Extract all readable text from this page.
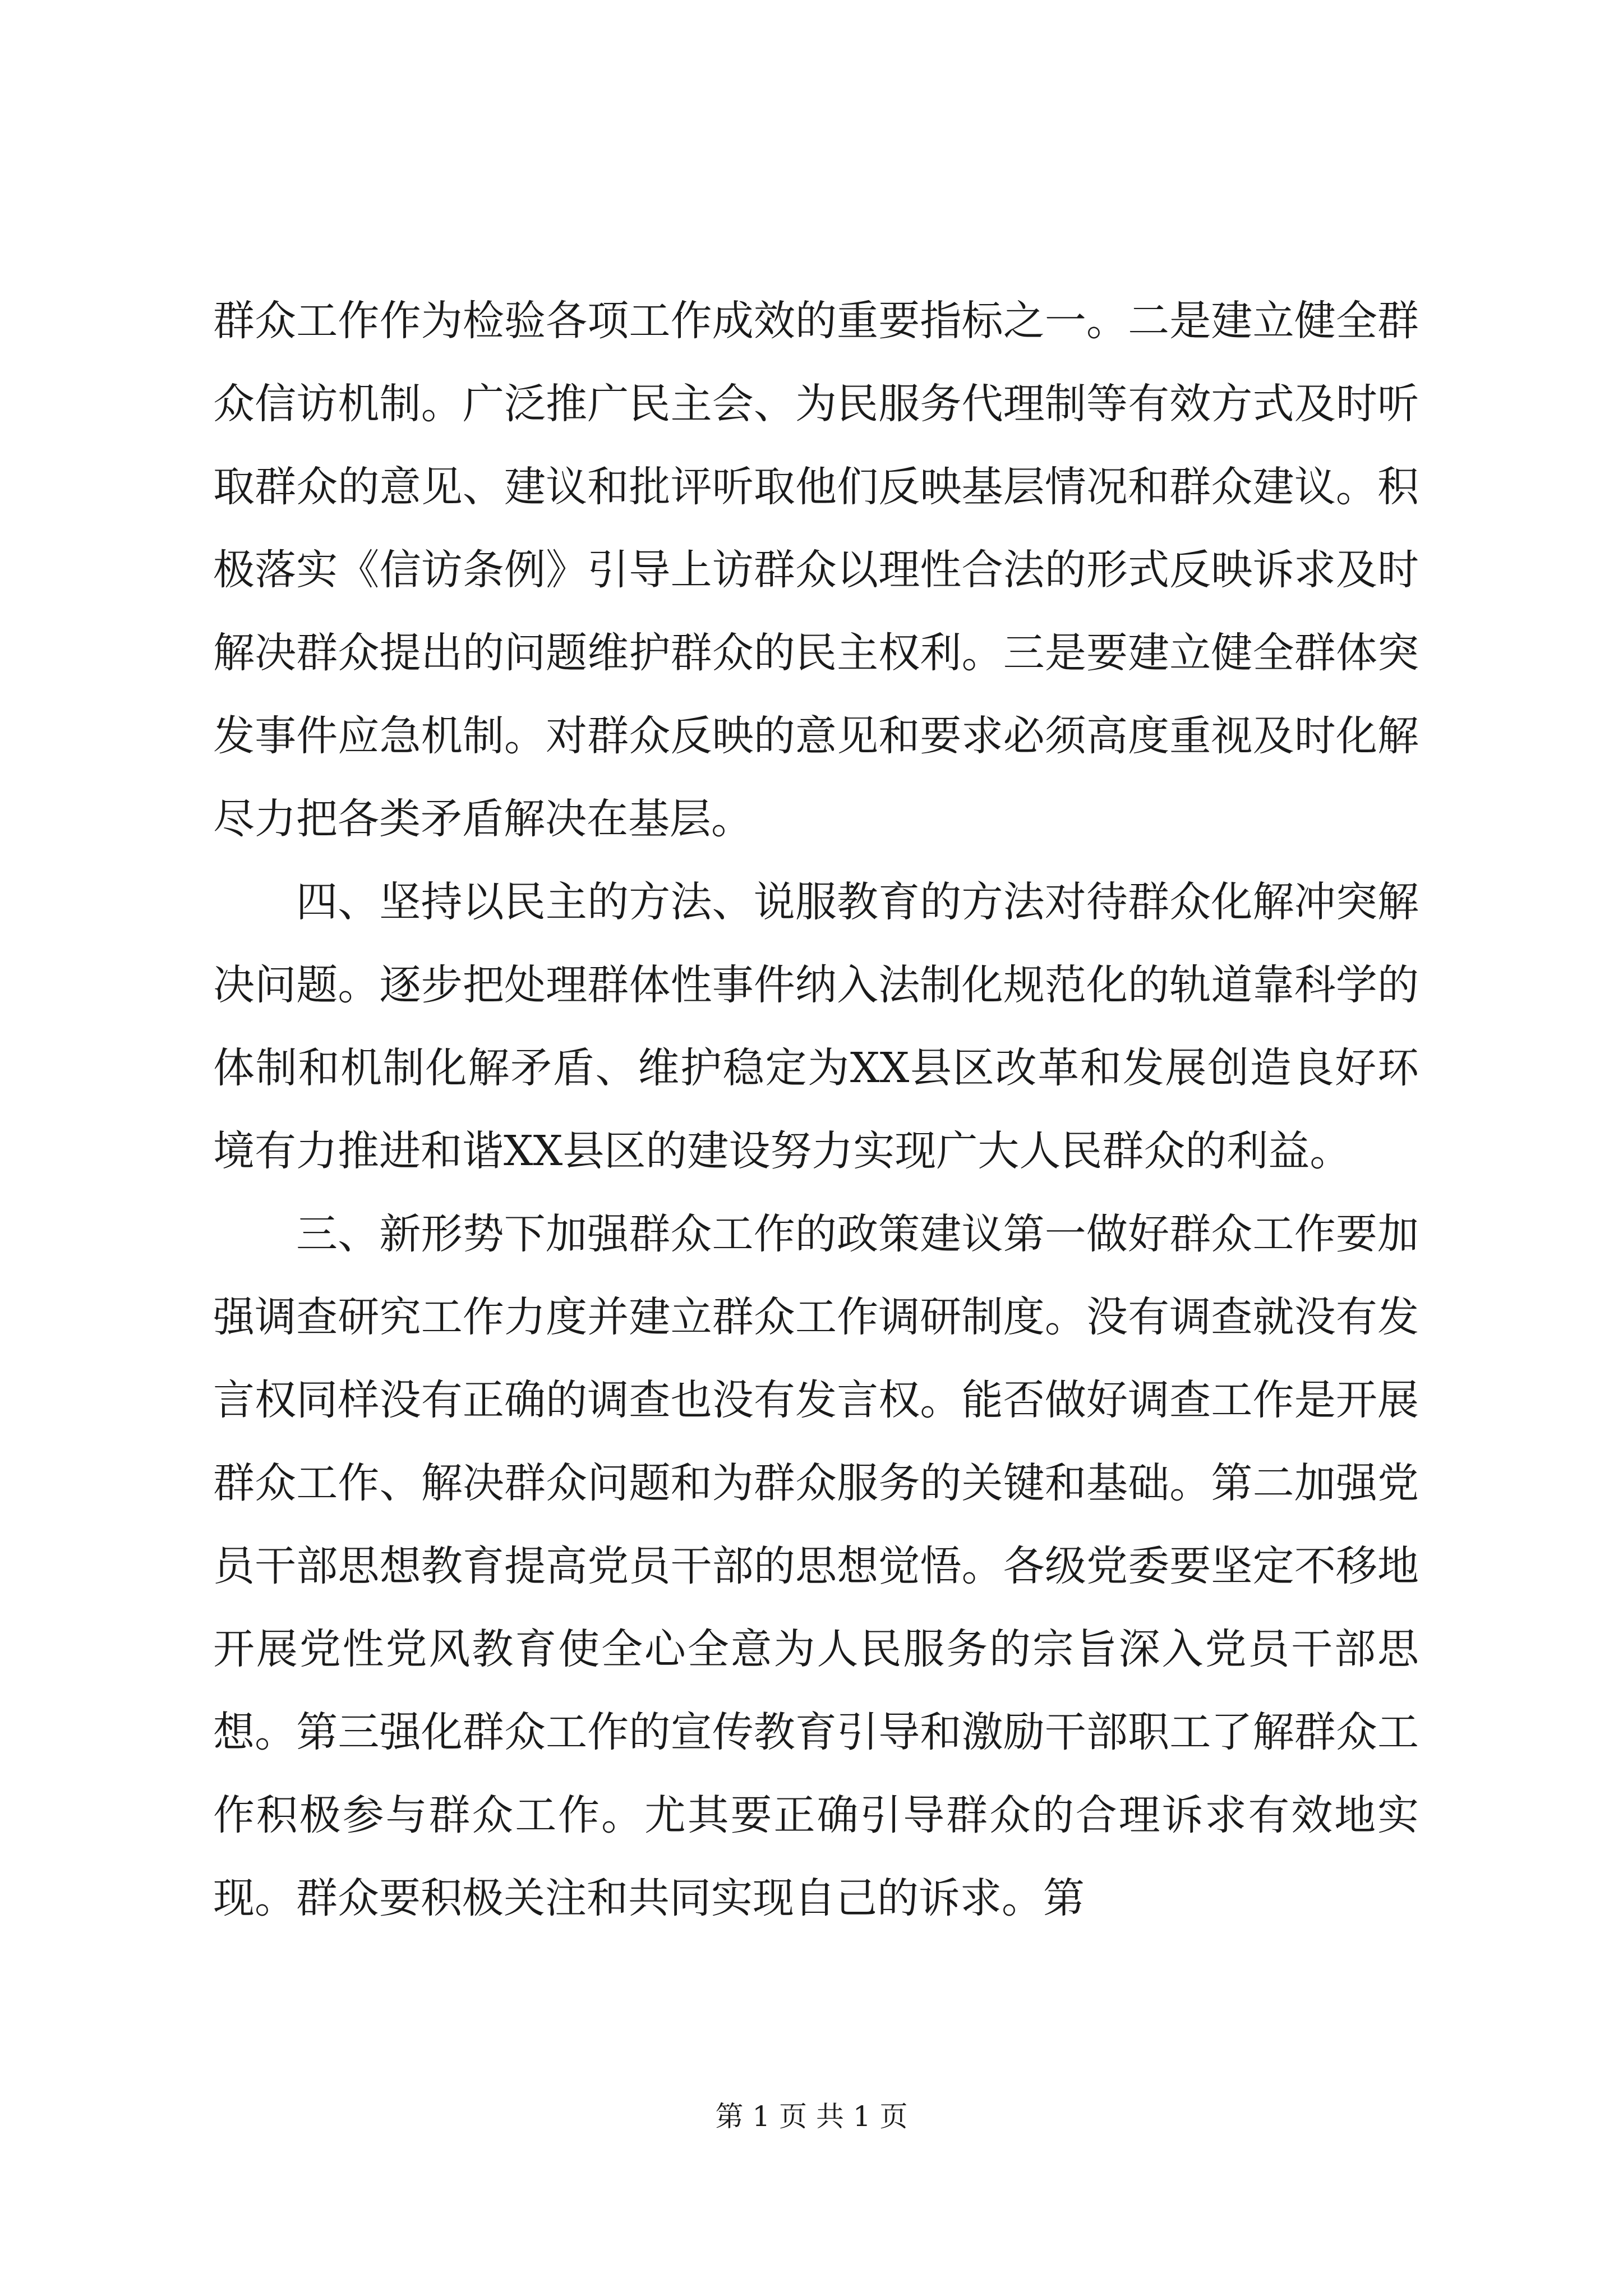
群众工作作为检验各项工作成效的重要指标之一。二是建立健全群众信访机制。广泛推广民主会、为民服务代理制等有效方式及时听取群众的意见、建议和批评听取他们反映基层情况和群众建议。积极落实《信访条例》引导上访群众以理性合法的形式反映诉求及时解决群众提出的问题维护群众的民主权利。三是要建立健全群体突发事件应急机制。对群众反映的意见和要求必须高度重视及时化解尽力把各类矛盾解决在基层。

四、坚持以民主的方法、说服教育的方法对待群众化解冲突解决问题。逐步把处理群体性事件纳入法制化规范化的轨道靠科学的体制和机制化解矛盾、维护稳定为XX县区改革和发展创造良好环境有力推进和谐XX县区的建设努力实现广大人民群众的利益。

三、新形势下加强群众工作的政策建议第一做好群众工作要加强调查研究工作力度并建立群众工作调研制度。没有调查就没有发言权同样没有正确的调查也没有发言权。能否做好调查工作是开展群众工作、解决群众问题和为群众服务的关键和基础。第二加强党员干部思想教育提高党员干部的思想觉悟。各级党委要坚定不移地开展党性党风教育使全心全意为人民服务的宗旨深入党员干部思想。第三强化群众工作的宣传教育引导和激励干部职工了解群众工作积极参与群众工作。尤其要正确引导群众的合理诉求有效地实现。群众要积极关注和共同实现自己的诉求。第

第 1 页 共 1 页
